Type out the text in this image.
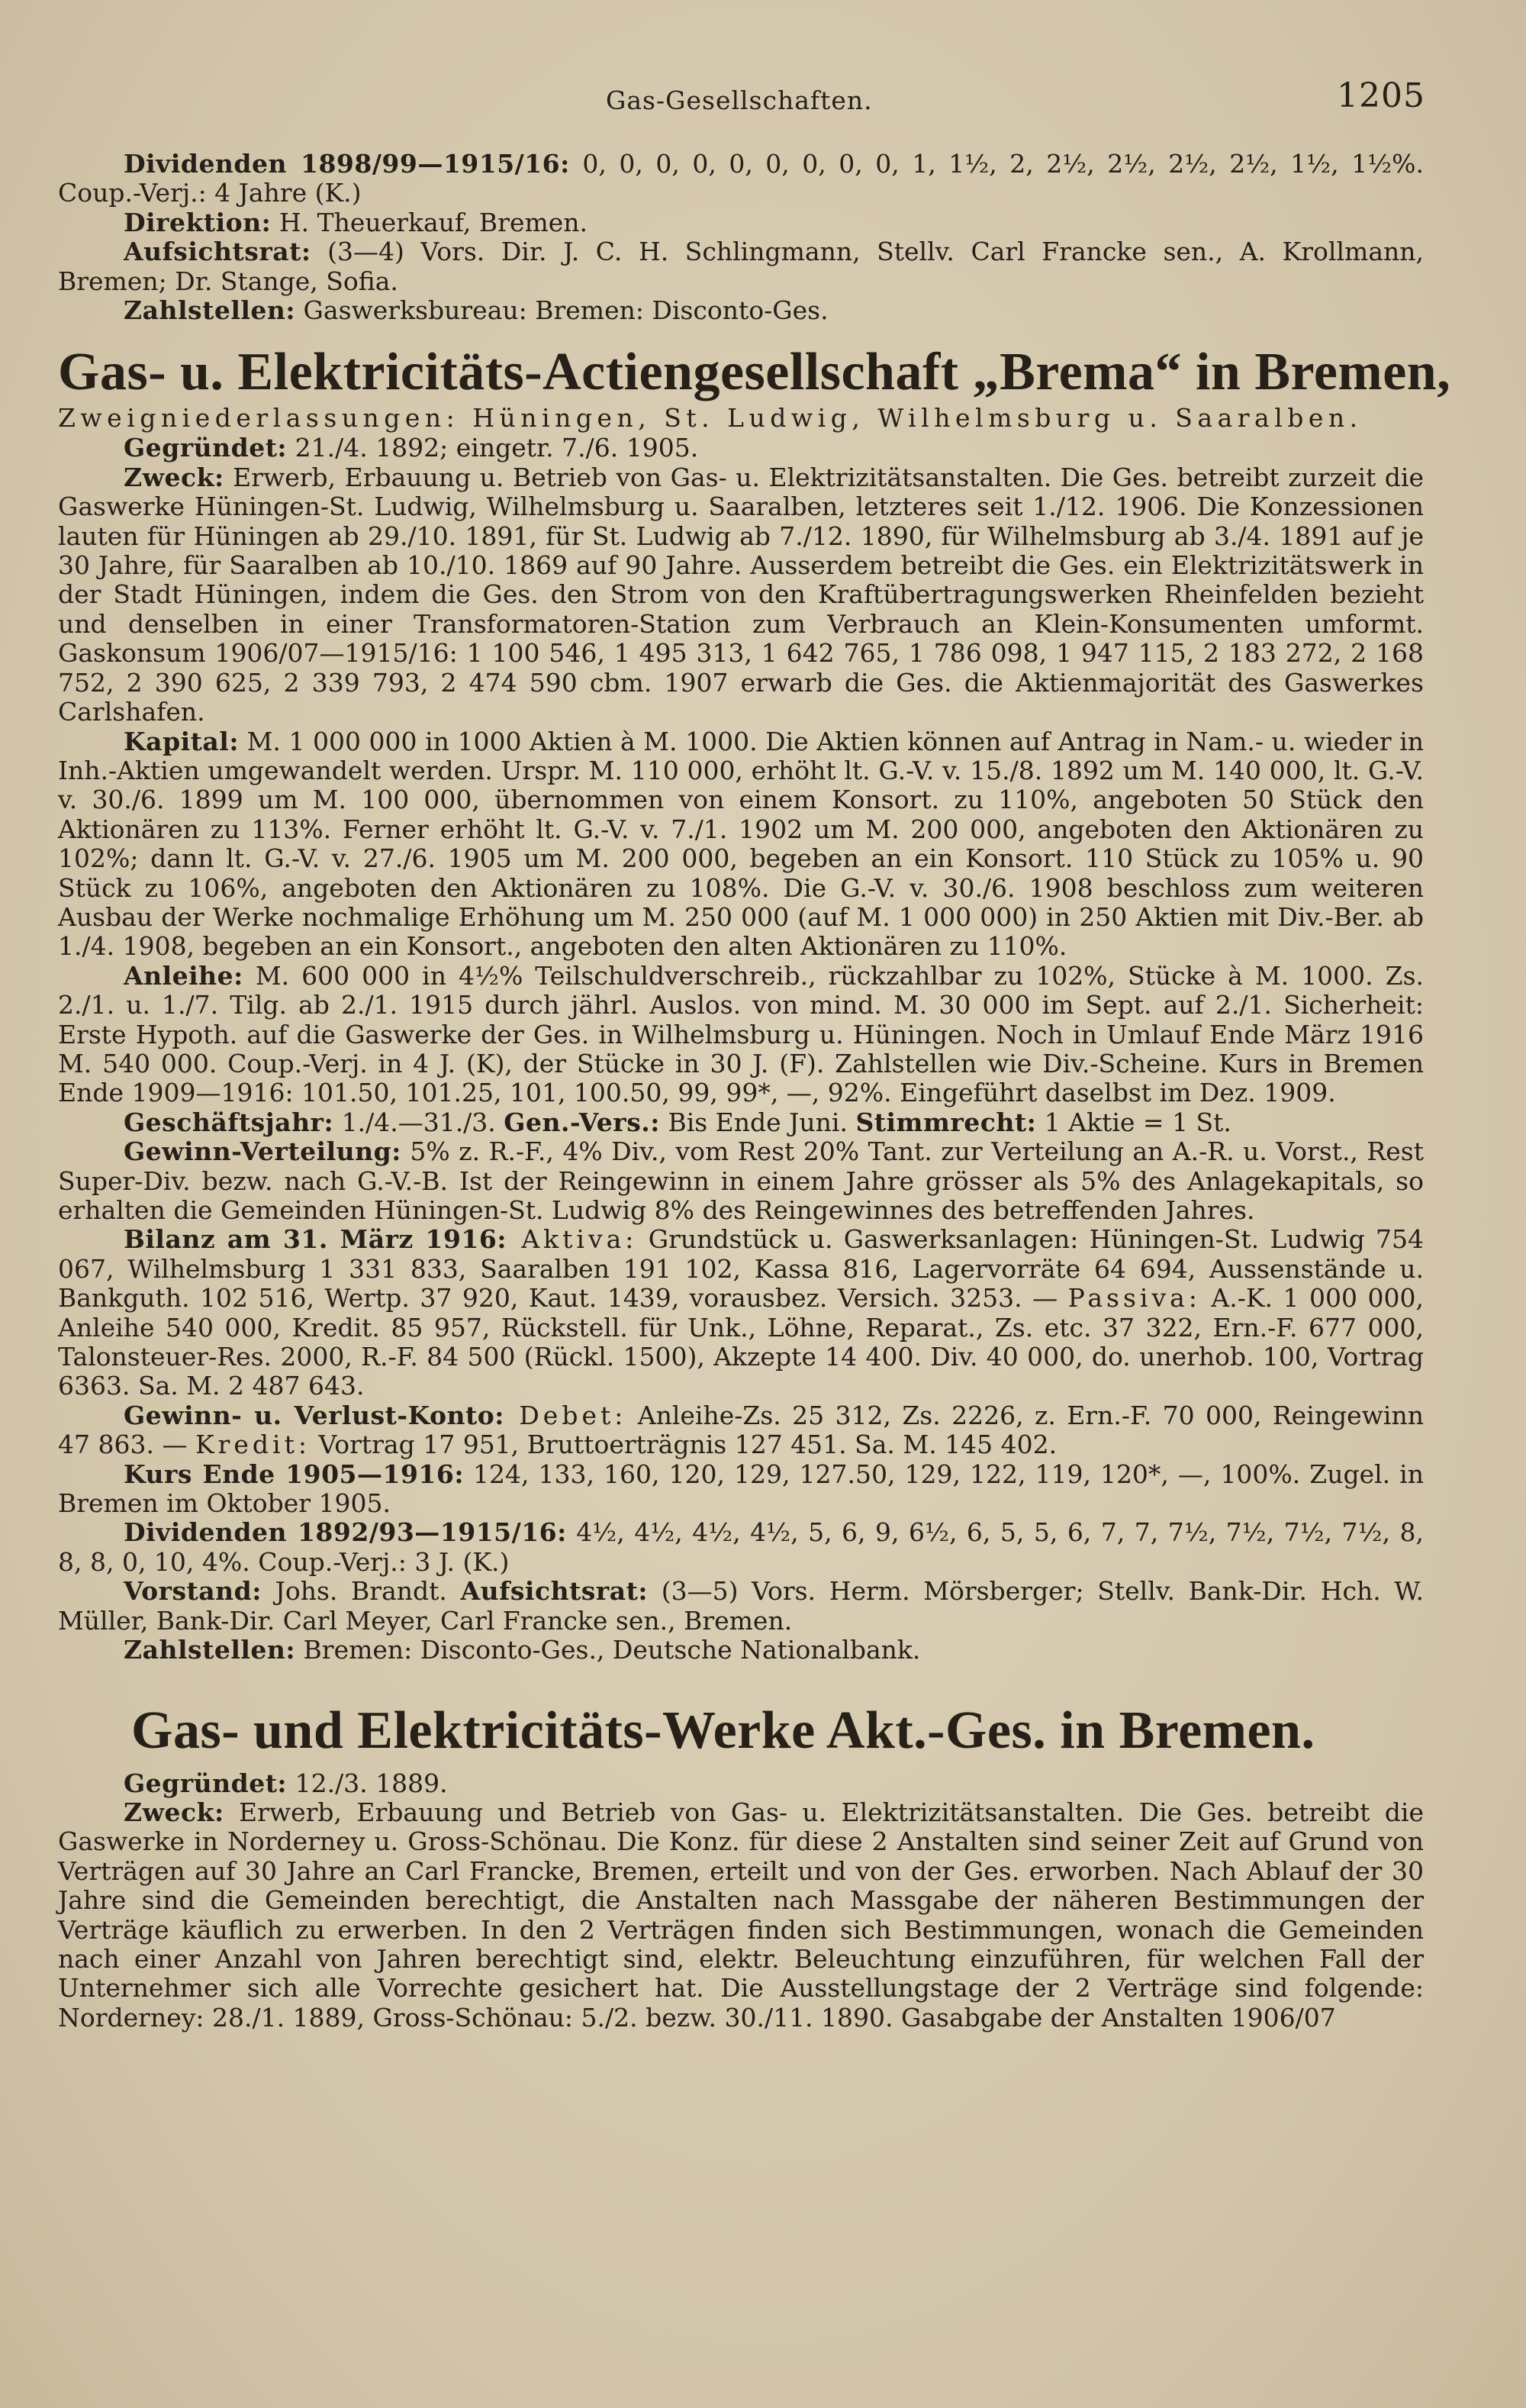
Gas-Gesellschaften.	1205

Dividenden 1898/99—1915/16: 0, 0, 0, 0, 0, 0, 0, 0, 0, 1, 1½, 2, 2½, 2½, 2½, 2½, 1½, 1½%. Coup.-Verj.: 4 Jahre (K.)

Direktion: H. Theuerkauf, Bremen.

Aufsichtsrat: (3—4) Vors. Dir. J. C. H. Schlingmann, Stellv. Carl Francke sen., A. Krollmann, Bremen; Dr. Stange, Sofia.

Zahlstellen: Gaswerksbureau: Bremen: Disconto-Ges.

Gas- u. Elektricitäts-Actiengesellschaft „Brema“ in Bremen,
Zweigniederlassungen: Hüningen, St. Ludwig, Wilhelmsburg u. Saaralben.

Gegründet: 21./4. 1892; eingetr. 7./6. 1905.

Zweck: Erwerb, Erbauung u. Betrieb von Gas- u. Elektrizitätsanstalten. Die Ges. betreibt zurzeit die Gaswerke Hüningen-St. Ludwig, Wilhelmsburg u. Saaralben, letzteres seit 1./12. 1906. Die Konzessionen lauten für Hüningen ab 29./10. 1891, für St. Ludwig ab 7./12. 1890, für Wilhelmsburg ab 3./4. 1891 auf je 30 Jahre, für Saaralben ab 10./10. 1869 auf 90 Jahre. Ausserdem betreibt die Ges. ein Elektrizitätswerk in der Stadt Hüningen, indem die Ges. den Strom von den Kraftübertragungswerken Rheinfelden bezieht und denselben in einer Transformatoren-Station zum Verbrauch an Klein-Konsumenten umformt. Gaskonsum 1906/07—1915/16: 1 100 546, 1 495 313, 1 642 765, 1 786 098, 1 947 115, 2 183 272, 2 168 752, 2 390 625, 2 339 793, 2 474 590 cbm. 1907 erwarb die Ges. die Aktienmajorität des Gaswerkes Carlshafen.

Kapital: M. 1 000 000 in 1000 Aktien à M. 1000. Die Aktien können auf Antrag in Nam.- u. wieder in Inh.-Aktien umgewandelt werden. Urspr. M. 110 000, erhöht lt. G.-V. v. 15./8. 1892 um M. 140 000, lt. G.-V. v. 30./6. 1899 um M. 100 000, übernommen von einem Konsort. zu 110%, angeboten 50 Stück den Aktionären zu 113%. Ferner erhöht lt. G.-V. v. 7./1. 1902 um M. 200 000, angeboten den Aktionären zu 102%; dann lt. G.-V. v. 27./6. 1905 um M. 200 000, begeben an ein Konsort. 110 Stück zu 105% u. 90 Stück zu 106%, angeboten den Aktionären zu 108%. Die G.-V. v. 30./6. 1908 beschloss zum weiteren Ausbau der Werke nochmalige Erhöhung um M. 250 000 (auf M. 1 000 000) in 250 Aktien mit Div.-Ber. ab 1./4. 1908, begeben an ein Konsort., angeboten den alten Aktionären zu 110%.

Anleihe: M. 600 000 in 4½% Teilschuldverschreib., rückzahlbar zu 102%, Stücke à M. 1000. Zs. 2./1. u. 1./7. Tilg. ab 2./1. 1915 durch jährl. Auslos. von mind. M. 30 000 im Sept. auf 2./1. Sicherheit: Erste Hypoth. auf die Gaswerke der Ges. in Wilhelmsburg u. Hüningen. Noch in Umlauf Ende März 1916 M. 540 000. Coup.-Verj. in 4 J. (K), der Stücke in 30 J. (F). Zahlstellen wie Div.-Scheine. Kurs in Bremen Ende 1909—1916: 101.50, 101.25, 101, 100.50, 99, 99*, —, 92%. Eingeführt daselbst im Dez. 1909.

Geschäftsjahr: 1./4.—31./3. Gen.-Vers.: Bis Ende Juni. Stimmrecht: 1 Aktie = 1 St.

Gewinn-Verteilung: 5% z. R.-F., 4% Div., vom Rest 20% Tant. zur Verteilung an A.-R. u. Vorst., Rest Super-Div. bezw. nach G.-V.-B. Ist der Reingewinn in einem Jahre grösser als 5% des Anlagekapitals, so erhalten die Gemeinden Hüningen-St. Ludwig 8% des Reingewinnes des betreffenden Jahres.

Bilanz am 31. März 1916: Aktiva: Grundstück u. Gaswerksanlagen: Hüningen-St. Ludwig 754 067, Wilhelmsburg 1 331 833, Saaralben 191 102, Kassa 816, Lagervorräte 64 694, Aussenstände u. Bankguth. 102 516, Wertp. 37 920, Kaut. 1439, vorausbez. Versich. 3253. — Passiva: A.-K. 1 000 000, Anleihe 540 000, Kredit. 85 957, Rückstell. für Unk., Löhne, Reparat., Zs. etc. 37 322, Ern.-F. 677 000, Talonsteuer-Res. 2000, R.-F. 84 500 (Rückl. 1500), Akzepte 14 400. Div. 40 000, do. unerhob. 100, Vortrag 6363. Sa. M. 2 487 643.

Gewinn- u. Verlust-Konto: Debet: Anleihe-Zs. 25 312, Zs. 2226, z. Ern.-F. 70 000, Reingewinn 47 863. — Kredit: Vortrag 17 951, Bruttoerträgnis 127 451. Sa. M. 145 402.

Kurs Ende 1905—1916: 124, 133, 160, 120, 129, 127.50, 129, 122, 119, 120*, —, 100%. Zugel. in Bremen im Oktober 1905.

Dividenden 1892/93—1915/16: 4½, 4½, 4½, 4½, 5, 6, 9, 6½, 6, 5, 5, 6, 7, 7, 7½, 7½, 7½, 7½, 8, 8, 8, 0, 10, 4%. Coup.-Verj.: 3 J. (K.)

Vorstand: Johs. Brandt. Aufsichtsrat: (3—5) Vors. Herm. Mörsberger; Stellv. Bank-Dir. Hch. W. Müller, Bank-Dir. Carl Meyer, Carl Francke sen., Bremen.

Zahlstellen: Bremen: Disconto-Ges., Deutsche Nationalbank.

Gas- und Elektricitäts-Werke Akt.-Ges. in Bremen.

Gegründet: 12./3. 1889.

Zweck: Erwerb, Erbauung und Betrieb von Gas- u. Elektrizitätsanstalten. Die Ges. betreibt die Gaswerke in Norderney u. Gross-Schönau. Die Konz. für diese 2 Anstalten sind seiner Zeit auf Grund von Verträgen auf 30 Jahre an Carl Francke, Bremen, erteilt und von der Ges. erworben. Nach Ablauf der 30 Jahre sind die Gemeinden berechtigt, die Anstalten nach Massgabe der näheren Bestimmungen der Verträge käuflich zu erwerben. In den 2 Verträgen finden sich Bestimmungen, wonach die Gemeinden nach einer Anzahl von Jahren berechtigt sind, elektr. Beleuchtung einzuführen, für welchen Fall der Unternehmer sich alle Vorrechte gesichert hat. Die Ausstellungstage der 2 Verträge sind folgende: Norderney: 28./1. 1889, Gross-Schönau: 5./2. bezw. 30./11. 1890. Gasabgabe der Anstalten 1906/07
